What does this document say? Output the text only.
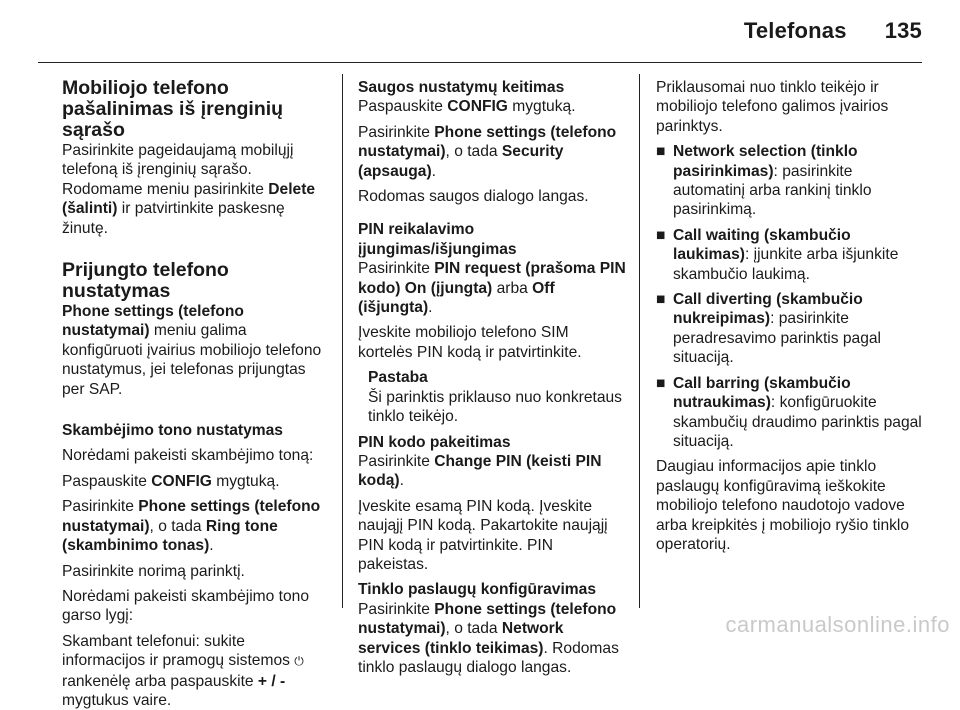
Telefonas 135
Mobiliojo telefono pašalinimas iš įrenginių sąrašo

Pasirinkite pageidaujamą mobilųjį telefoną iš įrenginių sąrašo.

Rodomame meniu pasirinkite Delete (šalinti) ir patvirtinkite paskesnę žinutę.

Prijungto telefono nustatymas

Phone settings (telefono nustatymai) meniu galima konfigūruoti įvairius mobiliojo telefono nustatymus, jei telefonas prijungtas per SAP.

Skambėjimo tono nustatymas

Norėdami pakeisti skambėjimo toną:

Paspauskite CONFIG mygtuką.

Pasirinkite Phone settings (telefono nustatymai), o tada Ring tone (skambinimo tonas).

Pasirinkite norimą parinktį.

Norėdami pakeisti skambėjimo tono garso lygį:

Skambant telefonui: sukite informacijos ir pramogų sistemos ⏻ rankenėlę arba paspauskite + / - mygtukus vaire.

Saugos nustatymų keitimas

Paspauskite CONFIG mygtuką.

Pasirinkite Phone settings (telefono nustatymai), o tada Security (apsauga).

Rodomas saugos dialogo langas.

PIN reikalavimo įjungimas/išjungimas

Pasirinkite PIN request (prašoma PIN kodo) On (įjungta) arba Off (išjungta).

Įveskite mobiliojo telefono SIM kortelės PIN kodą ir patvirtinkite.

Pastaba

Ši parinktis priklauso nuo konkretaus tinklo teikėjo.

PIN kodo pakeitimas

Pasirinkite Change PIN (keisti PIN kodą).

Įveskite esamą PIN kodą. Įveskite naująjį PIN kodą. Pakartokite naująjį PIN kodą ir patvirtinkite. PIN pakeistas.

Tinklo paslaugų konfigūravimas

Pasirinkite Phone settings (telefono nustatymai), o tada Network services (tinklo teikimas). Rodomas tinklo paslaugų dialogo langas.

Priklausomai nuo tinklo teikėjo ir mobiliojo telefono galimos įvairios parinktys.

■ Network selection (tinklo pasirinkimas): pasirinkite automatinį arba rankinį tinklo pasirinkimą.
■ Call waiting (skambučio laukimas): įjunkite arba išjunkite skambučio laukimą.
■ Call diverting (skambučio nukreipimas): pasirinkite peradresavimo parinktis pagal situaciją.
■ Call barring (skambučio nutraukimas): konfigūruokite skambučių draudimo parinktis pagal situaciją.

Daugiau informacijos apie tinklo paslaugų konfigūravimą ieškokite mobiliojo telefono naudotojo vadove arba kreipkitės į mobiliojo ryšio tinklo operatorių.

carmanualsonline.info
